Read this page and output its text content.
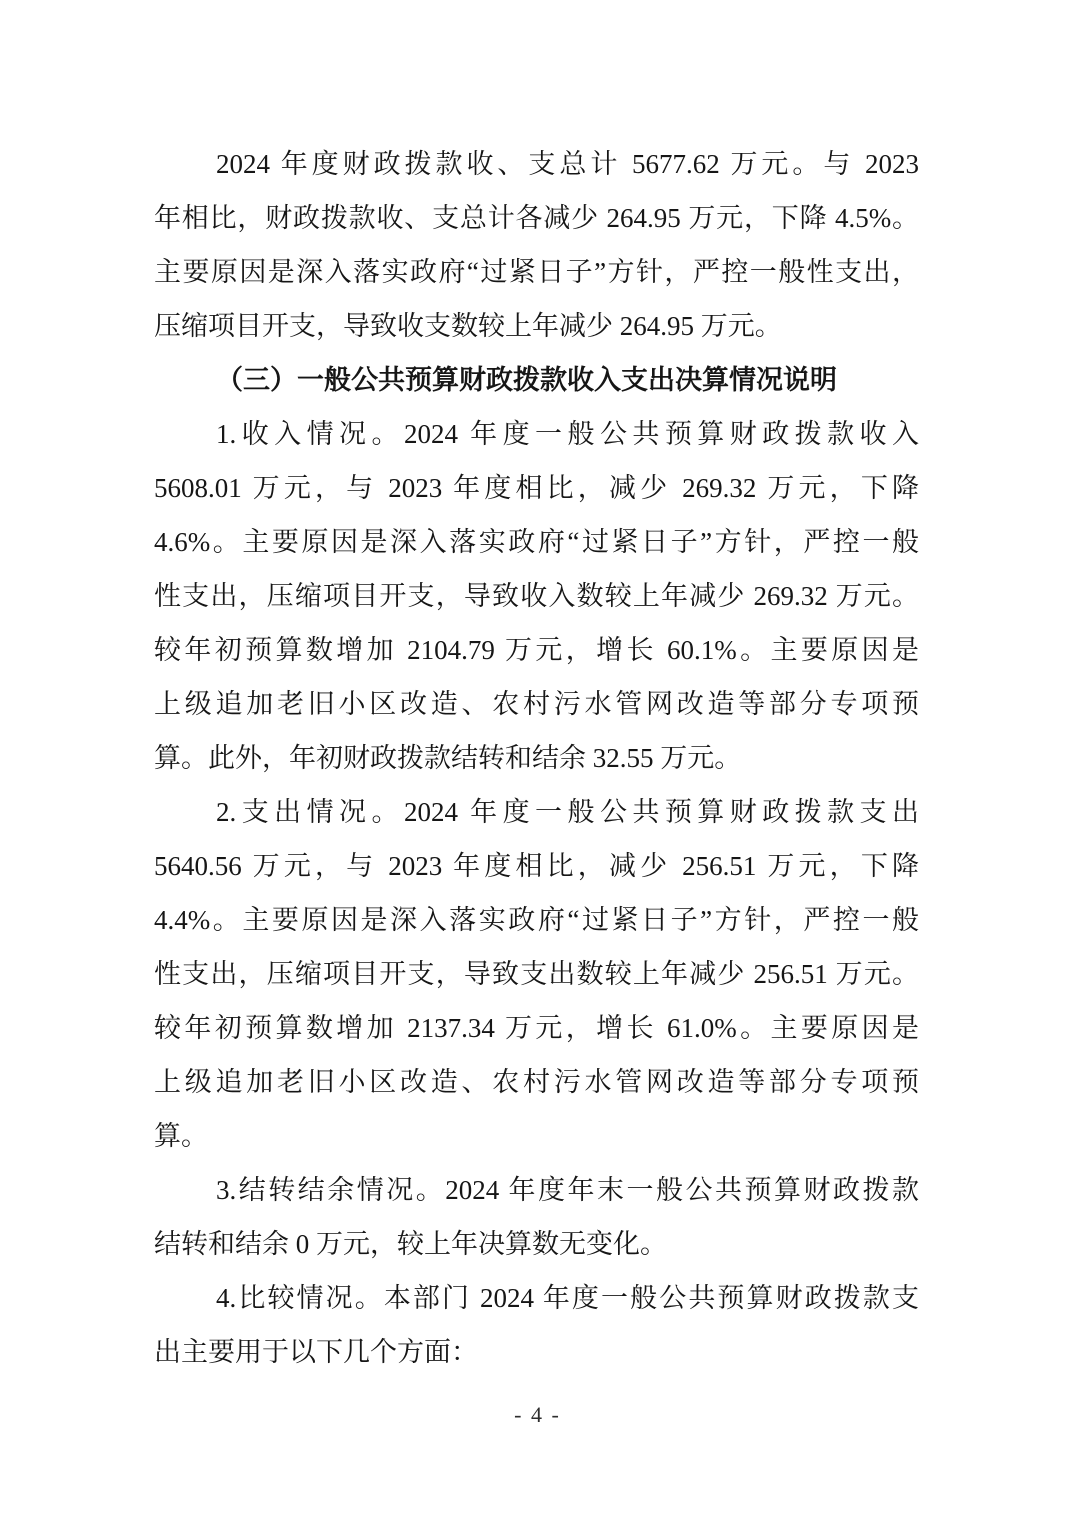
2024 年度财政拨款收、支总计 5677.62 万元。与 2023
年相比，财政拨款收、支总计各减少 264.95 万元，下降 4.5%。
主要原因是深入落实政府“过紧日子”方针，严控一般性支出，
压缩项目开支，导致收支数较上年减少 264.95 万元。
（三）一般公共预算财政拨款收入支出决算情况说明
1.收入情况。2024 年度一般公共预算财政拨款收入
5608.01 万元，与 2023 年度相比，减少 269.32 万元，下降
4.6%。主要原因是深入落实政府“过紧日子”方针，严控一般
性支出，压缩项目开支，导致收入数较上年减少 269.32 万元。
较年初预算数增加 2104.79 万元，增长 60.1%。主要原因是
上级追加老旧小区改造、农村污水管网改造等部分专项预
算。此外，年初财政拨款结转和结余 32.55 万元。
2.支出情况。2024 年度一般公共预算财政拨款支出
5640.56 万元，与 2023 年度相比，减少 256.51 万元，下降
4.4%。主要原因是深入落实政府“过紧日子”方针，严控一般
性支出，压缩项目开支，导致支出数较上年减少 256.51 万元。
较年初预算数增加 2137.34 万元，增长 61.0%。主要原因是
上级追加老旧小区改造、农村污水管网改造等部分专项预
算。
3.结转结余情况。2024 年度年末一般公共预算财政拨款
结转和结余 0 万元，较上年决算数无变化。
4.比较情况。本部门 2024 年度一般公共预算财政拨款支
出主要用于以下几个方面：
- 4 -
